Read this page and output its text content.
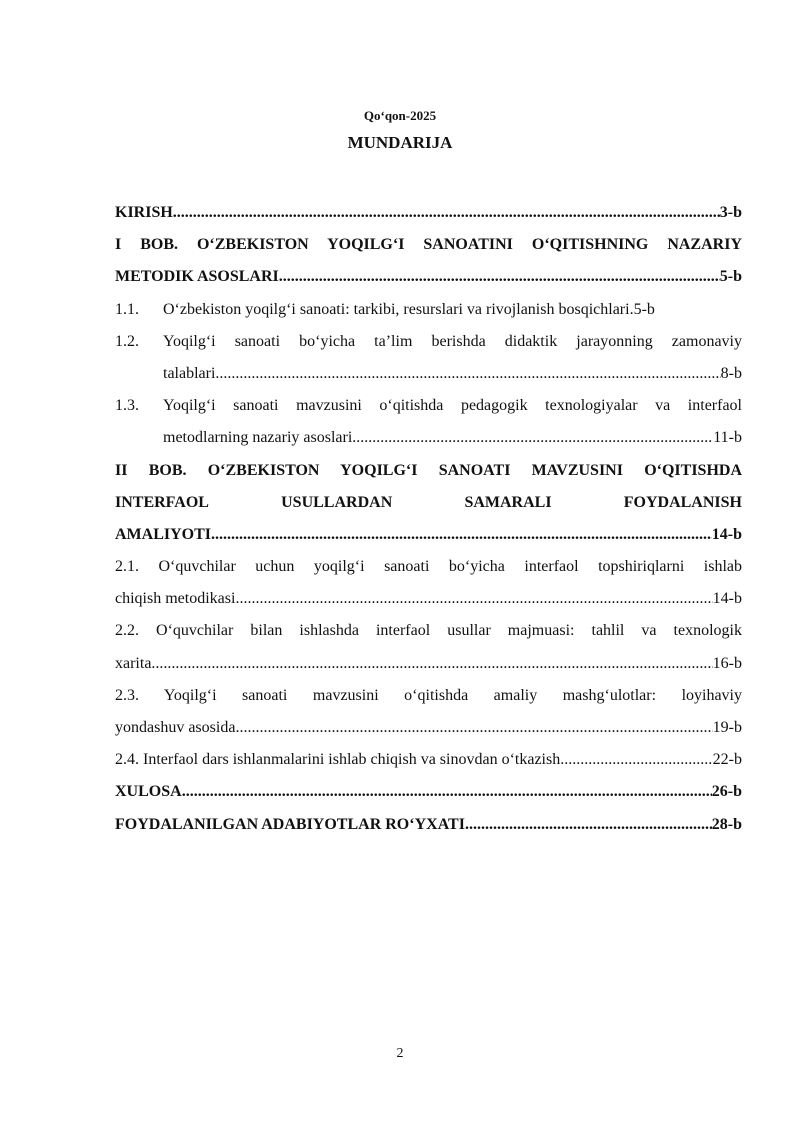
Qo‘qon-2025
MUNDARIJA
KIRISH .....	3-b
I BOB. O‘ZBEKISTON YOQILG‘I SANOATINI O‘QITISHNING NAZARIY
METODIK ASOSLARI .....	5-b
1.1.	O‘zbekiston yoqilg‘i sanoati: tarkibi, resurslari va rivojlanish bosqichlari. 5-b
1.2.	Yoqilg‘i sanoati bo‘yicha ta’lim berishda didaktik jarayonning zamonaviy
talablari .....	8-b
1.3.	Yoqilg‘i sanoati mavzusini o‘qitishda pedagogik texnologiyalar va interfaol
metodlarning nazariy asoslari .....	11-b
II BOB. O‘ZBEKISTON YOQILG‘I SANOATI MAVZUSINI O‘QITISHDA
INTERFAOL	USULLARDAN	SAMARALI	FOYDALANISH
AMALIYOTI .....	14-b
2.1. O‘quvchilar uchun yoqilg‘i sanoati bo‘yicha interfaol topshiriqlarni ishlab
chiqish metodikasi .....	14-b
2.2. O‘quvchilar bilan ishlashda interfaol usullar majmuasi: tahlil va texnologik
xarita .....	16-b
2.3. Yoqilg‘i sanoati mavzusini o‘qitishda amaliy mashg‘ulotlar: loyihaviy
yondashuv asosida .....	19-b
2.4. Interfaol dars ishlanmalarini ishlab chiqish va sinovdan o‘tkazish .....	22-b
XULOSA .....	26-b
FOYDALANILGAN ADABIYOTLAR RO‘YXATI .....	28-b
2
